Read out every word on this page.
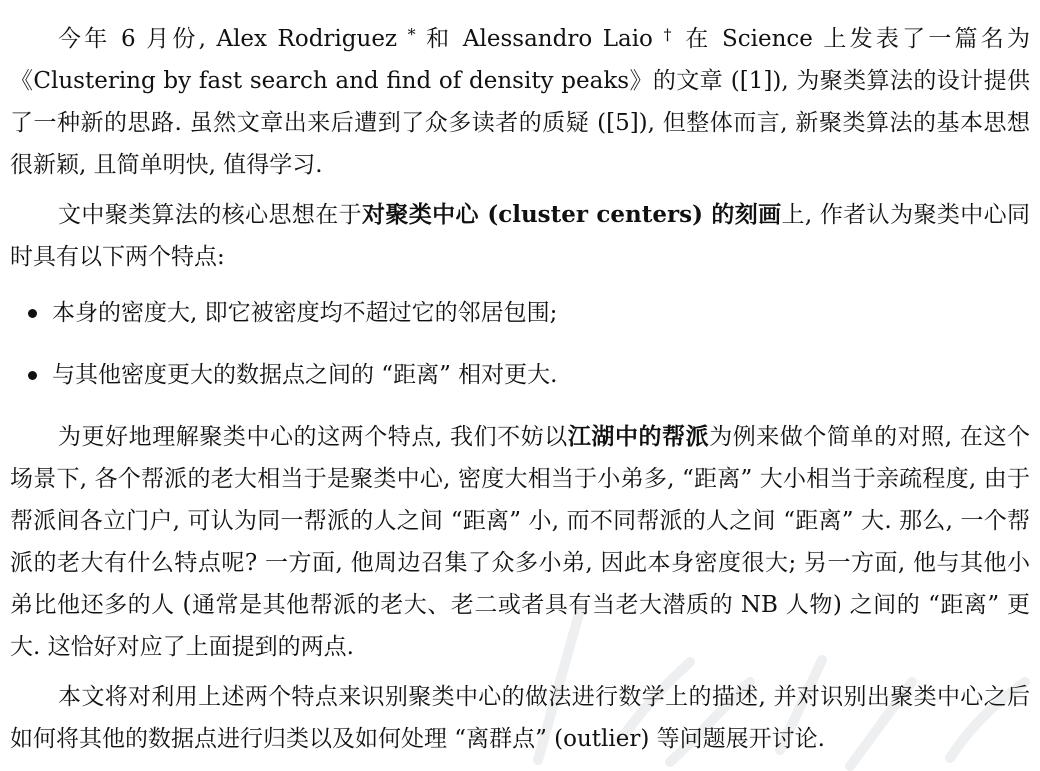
今年 6 月份, Alex Rodriguez * 和 Alessandro Laio † 在 Science 上发表了一篇名为《Clustering by fast search and find of density peaks》的文章 ([1]), 为聚类算法的设计提供了一种新的思路. 虽然文章出来后遭到了众多读者的质疑 ([5]), 但整体而言, 新聚类算法的基本思想很新颖, 且简单明快, 值得学习.

文中聚类算法的核心思想在于对聚类中心 (cluster centers) 的刻画上, 作者认为聚类中心同时具有以下两个特点:

本身的密度大, 即它被密度均不超过它的邻居包围;
与其他密度更大的数据点之间的 “距离” 相对更大.

为更好地理解聚类中心的这两个特点, 我们不妨以江湖中的帮派为例来做个简单的对照, 在这个场景下, 各个帮派的老大相当于是聚类中心, 密度大相当于小弟多, “距离” 大小相当于亲疏程度, 由于帮派间各立门户, 可认为同一帮派的人之间 “距离” 小, 而不同帮派的人之间 “距离” 大. 那么, 一个帮派的老大有什么特点呢? 一方面, 他周边召集了众多小弟, 因此本身密度很大; 另一方面, 他与其他小弟比他还多的人 (通常是其他帮派的老大、老二或者具有当老大潜质的 NB 人物) 之间的 “距离” 更大. 这恰好对应了上面提到的两点.

本文将对利用上述两个特点来识别聚类中心的做法进行数学上的描述, 并对识别出聚类中心之后如何将其他的数据点进行归类以及如何处理 “离群点” (outlier) 等问题展开讨论.
